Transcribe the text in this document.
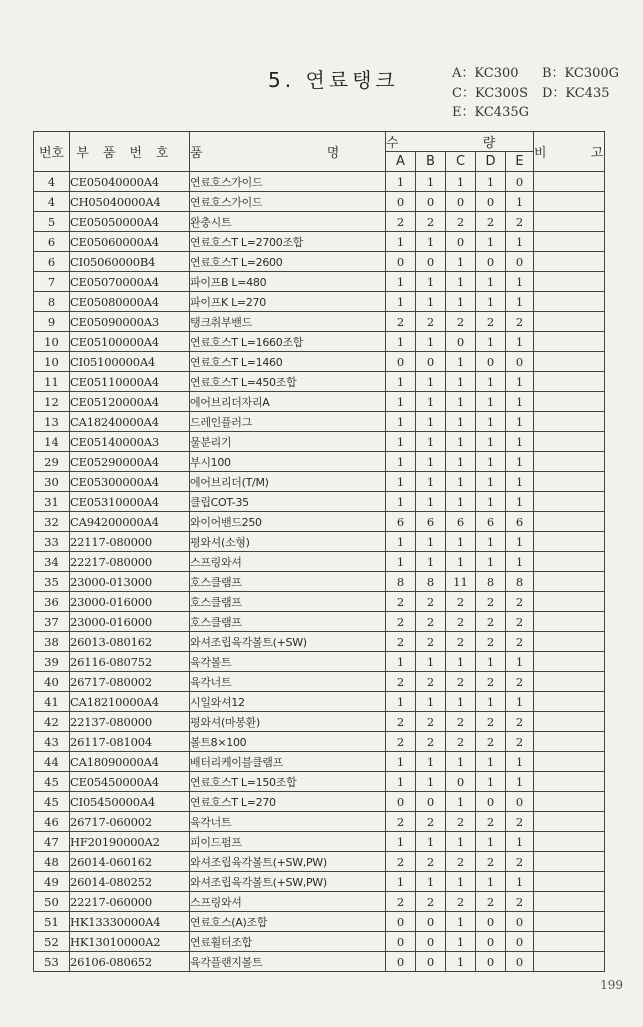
5. 연료탱크	A：KC300 B：KC300G
C：KC300S D：KC435
E：KC435G
번호	부품번호	품 명	수 량					비 고
			A	B	C	D	E	
4	CE05040000A4	연료호스가이드	1	1	1	1	0	
4	CH05040000A4	연료호스가이드	0	0	0	0	1	
5	CE05050000A4	완충시트	2	2	2	2	2	
6	CE05060000A4	연료호스T L=2700조합	1	1	0	1	1	
6	CI05060000B4	연료호스T L=2600	0	0	1	0	0	
7	CE05070000A4	파이프B L=480	1	1	1	1	1	
8	CE05080000A4	파이프K L=270	1	1	1	1	1	
9	CE05090000A3	탱크취부밴드	2	2	2	2	2	
10	CE05100000A4	연료호스T L=1660조합	1	1	0	1	1	
10	CI05100000A4	연료호스T L=1460	0	0	1	0	0	
11	CE05110000A4	연료호스T L=450조합	1	1	1	1	1	
12	CE05120000A4	에어브리더자리A	1	1	1	1	1	
13	CA18240000A4	드레인플러그	1	1	1	1	1	
14	CE05140000A3	물분리기	1	1	1	1	1	
29	CE05290000A4	부시100	1	1	1	1	1	
30	CE05300000A4	에어브리더(T/M)	1	1	1	1	1	
31	CE05310000A4	클립COT-35	1	1	1	1	1	
32	CA94200000A4	와이어밴드250	6	6	6	6	6	
33	22117-080000	평와셔(소형)	1	1	1	1	1	
34	22217-080000	스프링와셔	1	1	1	1	1	
35	23000-013000	호스클램프	8	8	11	8	8	
36	23000-016000	호스클램프	2	2	2	2	2	
37	23000-016000	호스클램프	2	2	2	2	2	
38	26013-080162	와셔조립육각볼트(+SW)	2	2	2	2	2	
39	26116-080752	육각볼트	1	1	1	1	1	
40	26717-080002	육각너트	2	2	2	2	2	
41	CA18210000A4	시일와셔12	1	1	1	1	1	
42	22137-080000	평와셔(마봉환)	2	2	2	2	2	
43	26117-081004	볼트8×100	2	2	2	2	2	
44	CA18090000A4	배터리케이블클램프	1	1	1	1	1	
45	CE05450000A4	연료호스T L=150조합	1	1	0	1	1	
45	CI05450000A4	연료호스T L=270	0	0	1	0	0	
46	26717-060002	육각너트	2	2	2	2	2	
47	HF20190000A2	피이드펌프	1	1	1	1	1	
48	26014-060162	와셔조립육각볼트(+SW,PW)	2	2	2	2	2	
49	26014-080252	와셔조립육각볼트(+SW,PW)	1	1	1	1	1	
50	22217-060000	스프링와셔	2	2	2	2	2	
51	HK13330000A4	연료호스(A)조합	0	0	1	0	0	
52	HK13010000A2	연료휠터조합	0	0	1	0	0	
53	26106-080652	육각플랜지볼트	0	0	1	0	0	
199
